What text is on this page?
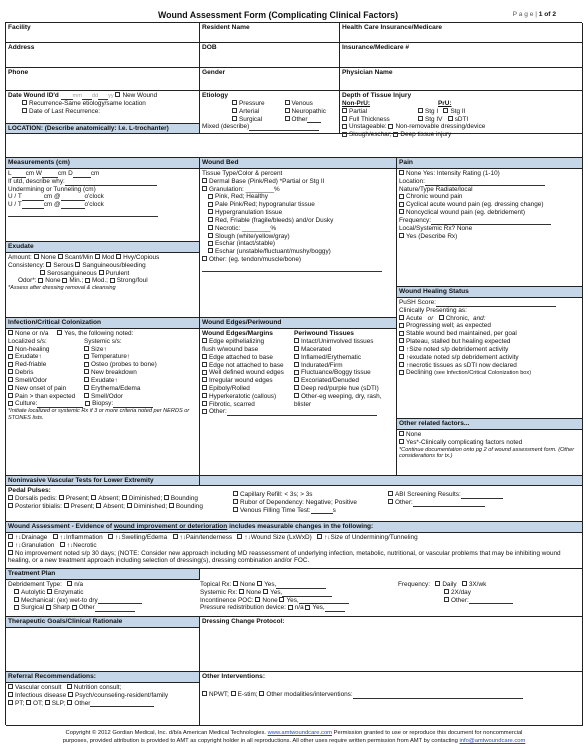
Wound Assessment Form (Complicating Clinical Factors)	P a g e | 1 of 2
Facility	Resident Name	Health Care Insurance/Medicare
Address	DOB	Insurance/Medicare #
Phone	Gender	Physician Name
Date Wound ID'd mm dd yy New Wound
Recurrence-Same etiology/same location
Date of Last Recurrence:
Etiology
Pressure
Arterial
Surgical
Venous
Neuropathic
Other
Mixed (describe)
Depth of Tissue Injury
Non-PrU:
Partial
Full Thickness
PrU:
Stg I Stg II
Stg IV sDTI
Unstageable: Non-removable dressing/device
Slough/eschar; Deep tissue injury
LOCATION: (Describe anatomically: I.e. L-trochanter)
Measurements (cm)
L cm W	cm D	cm
If utd, describe why:
Undermining or Tunneling (cm)
U / T	cm @	o'clock
U / T	cm @	o'clock
Exudate
Amount: None Scant/Min Mod Hvy/Copious
Consistency: Serous Sanguineous/bleeding
Serosanguineous Purulent
Odor*: None Min.; Mod.; Strong/foul
*Assess after dressing removal & cleansing
Wound Bed
Tissue Type/Color & percent
Dermal Base (Pink/Red) *Partial or Stg II
Granulation: ________%
Pink, Red; Healthy
Pale Pink/Red; hypogranular tissue
Hypergranulation tissue
Red, Friable (fragile/bleeds) and/or Dusky
Necrotic: ________%
Slough (white/yellow/gray)
Eschar (intact/stable)
Eschar (unstable/fluctuant/mushy/boggy)
Other: (eg. tendon/muscle/bone)
Pain
None Yes: Intensity Rating (1-10)
Location:
Nature/Type Radiate/local
Chronic wound pain
Cyclical acute wound pain (eg. dressing change)
Noncyclical wound pain (eg. debridement)
Frequency:
Local/Systemic Rx? None
Yes (Describe Rx)
Wound Healing Status
PuSH Score:
Clinically Presenting as:
Acute or Chronic, and:
Progressing well; as expected
Stable wound bed maintained, per goal
Plateau, stalled but healing expected
↑Size noted s/p debridement activity
↑exudate noted s/p debridement activity
↑necrotic tissues as sDTI now declared
Declining (see Infection/Critical Colonization box)
Infection/Critical Colonization
None or n/a Yes, the following noted:
Localized s/s:
Non-healing
Exudate↑
Red-friable
Debris
Smell/Odor
New onset of pain
Pain > than expected
Systemic s/s:
Size↑
Temperature↑
Osteo (probes to bone)
New breakdown
Exudate↑
Erythema/Edema
Smell/Odor
Culture:	Biopsy:
*Initiate localized or systemic Rx if 3 or more criteria noted per NERDS or STONES lists.
Wound Edges/Periwound
Wound Edges/Margins
Edge epithelializing
flush w/wound base
Edge attached to base
Edge not attached to base
Well defined wound edges
Irregular wound edges
Epiboly/Rolled
Hyperkeratotic (callous)
Fibrotic, scarred
Periwound Tissues
Intact/Unimvolved tissues
Macerated
Inflamed/Erythematic
Indurated/Firm
Fluctuance/Boggy tissue
Excoriated/Denuded
Deep red/purple hue (sDTI)
Other-eg weeping, dry, rash, blister
Other:
Other related factors...
None
Yes*-Clinically complicating factors noted
*Continue documentation onto pg 2 of wound assessment form. (Other considerations for tx.)
Noninvasive Vascular Tests for Lower Extremity
Pedal Pulses:
Dorsalis pedis: Present; Absent; Diminished; Bounding
Posterior tibialis: Present; Absent; Diminished; Bounding
Capillary Refill: < 3s; > 3s
Rubor of Dependency: Negative; Positive
Venous Filling Time Test:	s
ABI Screening Results:
Other:
Wound Assessment - Evidence of wound improvement or deterioration includes measurable changes in the following:
↑↓Drainage ↑↓Inflammation ↑↓Swelling/Edema ↑↓Pain/tenderness ↑↓Wound Size (LxWxD) ↑↓Size of Undermining/Tunneling
↑↓Granulation ↑↓Necrotic
No improvement noted s/p 30 days; (NOTE: Consider new approach including MD reassessment of underlying infection, metabolic, nutritional, or vascular problems that may be inhibiting wound healing, or a new treatment approach including selection of dressing(s), dressing combination and/or FOC.
Treatment Plan
Debridement Type: n/a
Autolytic Enzymatic
Mechanical: (ex) wet-to dry
Surgical Sharp Other
Topical Rx: None Yes,
Systemic Rx: None Yes,
Incontinence POC: None Yes,
Pressure redistribution device: n/a Yes,
Frequency: Daily 3X/wk
2X/day
Other:
Therapeutic Goals/Clinical Rationale	Dressing Change Protocol:
Referral Recommendations:
Vascular consult Nutrition consult;
Infectious disease Psych/counseling-resident/family
PT; OT; SLP; Other
Other Interventions:
NPWT; E-stim; Other modalities/interventions:
Copyright © 2012 Gordian Medical, Inc. d/b/a American Medical Technologies. www.amtwoundcare.com Permission granted to use or reproduce this document for noncommercial
purposes, provided attribution is provided to AMT as copyright holder in all reproductions. All other uses require written permission from AMT by contacting info@amtwoundcare.com
